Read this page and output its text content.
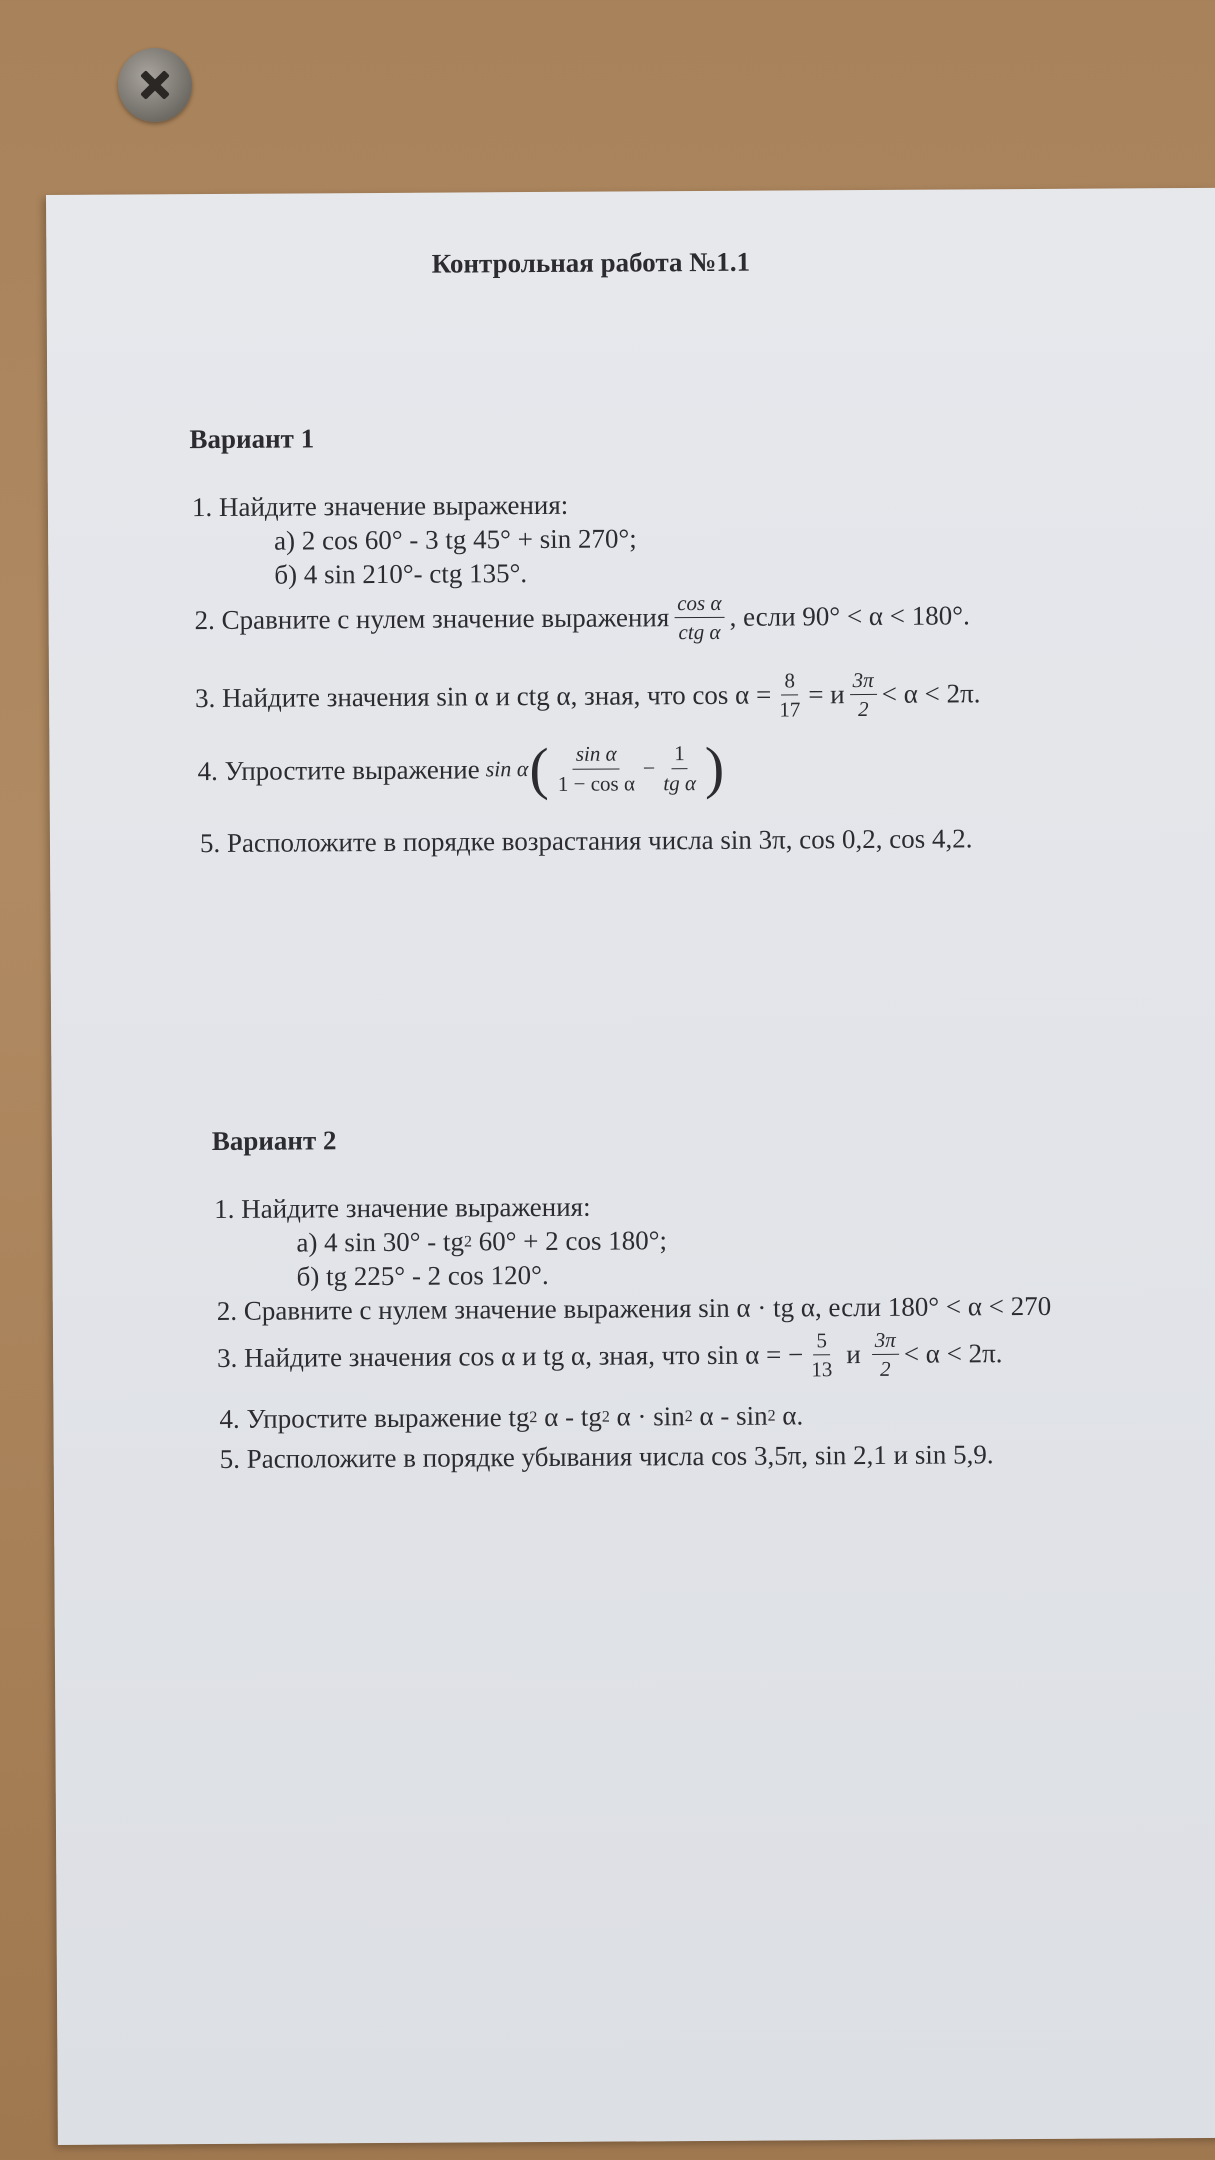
Контрольная работа №1.1
Вариант 1
1. Найдите значение выражения:
а) 2 cos 60° - 3 tg 45° + sin 270°;
б) 4 sin 210°- ctg 135°.
2. Сравните с нулем значение выражения $\frac{\text{cos α}}{\text{ctg α}}$ , если 90° < α < 180°.
3. Найдите значения sin α и ctg α, зная, что $\cos \alpha = \frac{8}{17} = и \frac{3\pi}{2} < \alpha < 2\pi$.
4. Упростите выражение sin α ( $\frac{\text{sin α}}{\text{1 − cos α}} - \frac{1}{\text{tg α}}$ )
5. Расположите в порядке возрастания числа sin 3π, cos 0,2, cos 4,2.
Вариант 2
1. Найдите значение выражения:
а) 4 sin 30° - tg 2 60° + 2 cos 180°;
б) tg 225° - 2 cos 120°.
2. Сравните с нулем значение выражения sin α · tg α, если 180° < α < 270
3. Найдите значения cos α и tg α, зная, что sin α = − $\frac{5}{13}$ и $\frac{3\pi}{2} < \alpha < 2\pi$.
4. Упростите выражение tg 2 α - tg 2 α · sin 2 α - sin 2 α.
5. Расположите в порядке убывания числа cos 3,5π, sin 2,1 и sin 5,9.
